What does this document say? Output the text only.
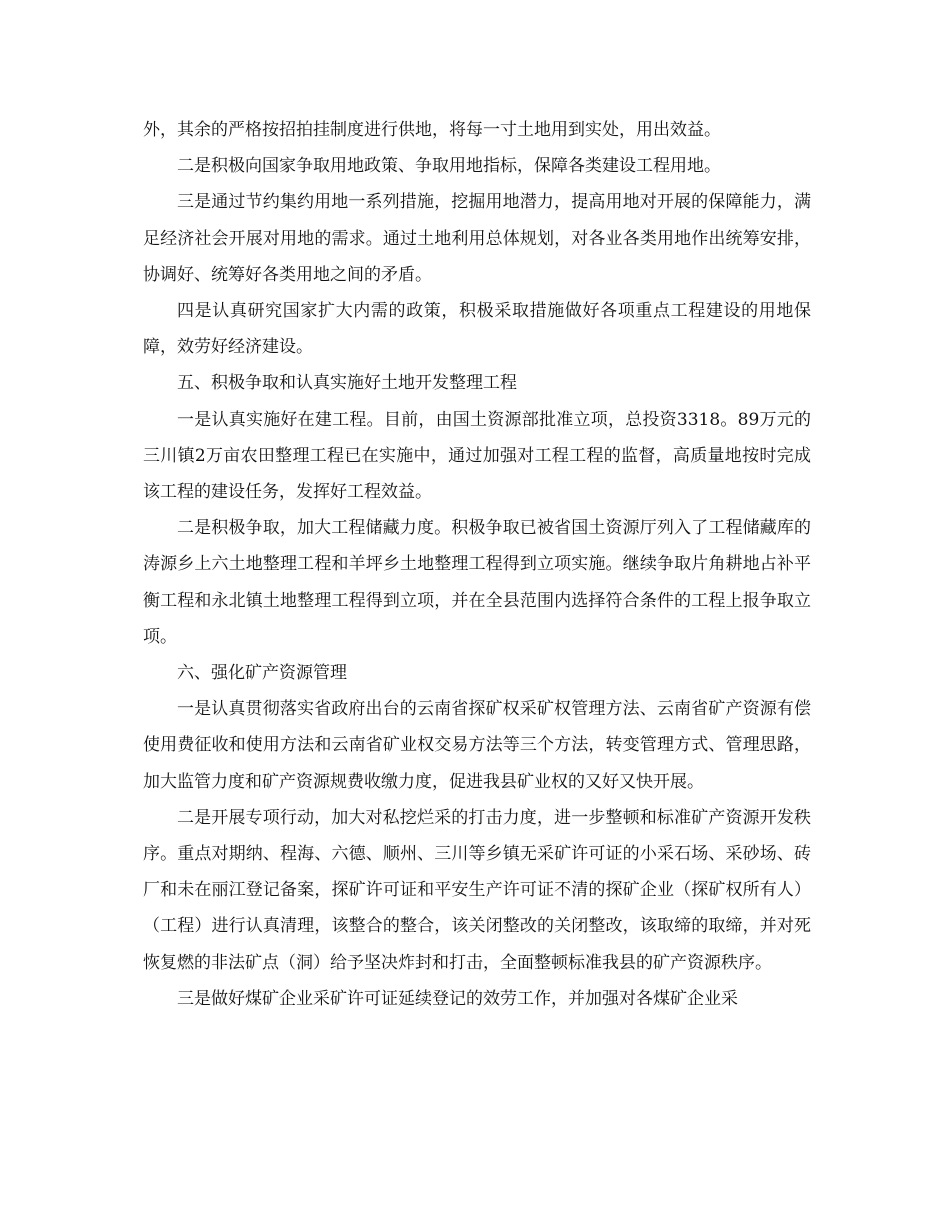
外，其余的严格按招拍挂制度进行供地，将每一寸土地用到实处，用出效益。

二是积极向国家争取用地政策、争取用地指标，保障各类建设工程用地。

三是通过节约集约用地一系列措施，挖掘用地潜力，提高用地对开展的保障能力，满足经济社会开展对用地的需求。通过土地利用总体规划，对各业各类用地作出统筹安排，协调好、统筹好各类用地之间的矛盾。

四是认真研究国家扩大内需的政策，积极采取措施做好各项重点工程建设的用地保障，效劳好经济建设。

五、积极争取和认真实施好土地开发整理工程

一是认真实施好在建工程。目前，由国土资源部批准立项，总投资3318。89万元的三川镇2万亩农田整理工程已在实施中，通过加强对工程工程的监督，高质量地按时完成该工程的建设任务，发挥好工程效益。

二是积极争取，加大工程储藏力度。积极争取已被省国土资源厅列入了工程储藏库的涛源乡上六土地整理工程和羊坪乡土地整理工程得到立项实施。继续争取片角耕地占补平衡工程和永北镇土地整理工程得到立项，并在全县范围内选择符合条件的工程上报争取立项。

六、强化矿产资源管理

一是认真贯彻落实省政府出台的云南省探矿权采矿权管理方法、云南省矿产资源有偿使用费征收和使用方法和云南省矿业权交易方法等三个方法，转变管理方式、管理思路，加大监管力度和矿产资源规费收缴力度，促进我县矿业权的又好又快开展。

二是开展专项行动，加大对私挖烂采的打击力度，进一步整顿和标准矿产资源开发秩序。重点对期纳、程海、六德、顺州、三川等乡镇无采矿许可证的小采石场、采砂场、砖厂和未在丽江登记备案，探矿许可证和平安生产许可证不清的探矿企业（探矿权所有人）（工程）进行认真清理，该整合的整合，该关闭整改的关闭整改，该取缔的取缔，并对死恢复燃的非法矿点（洞）给予坚决炸封和打击，全面整顿标准我县的矿产资源秩序。

三是做好煤矿企业采矿许可证延续登记的效劳工作，并加强对各煤矿企业采
